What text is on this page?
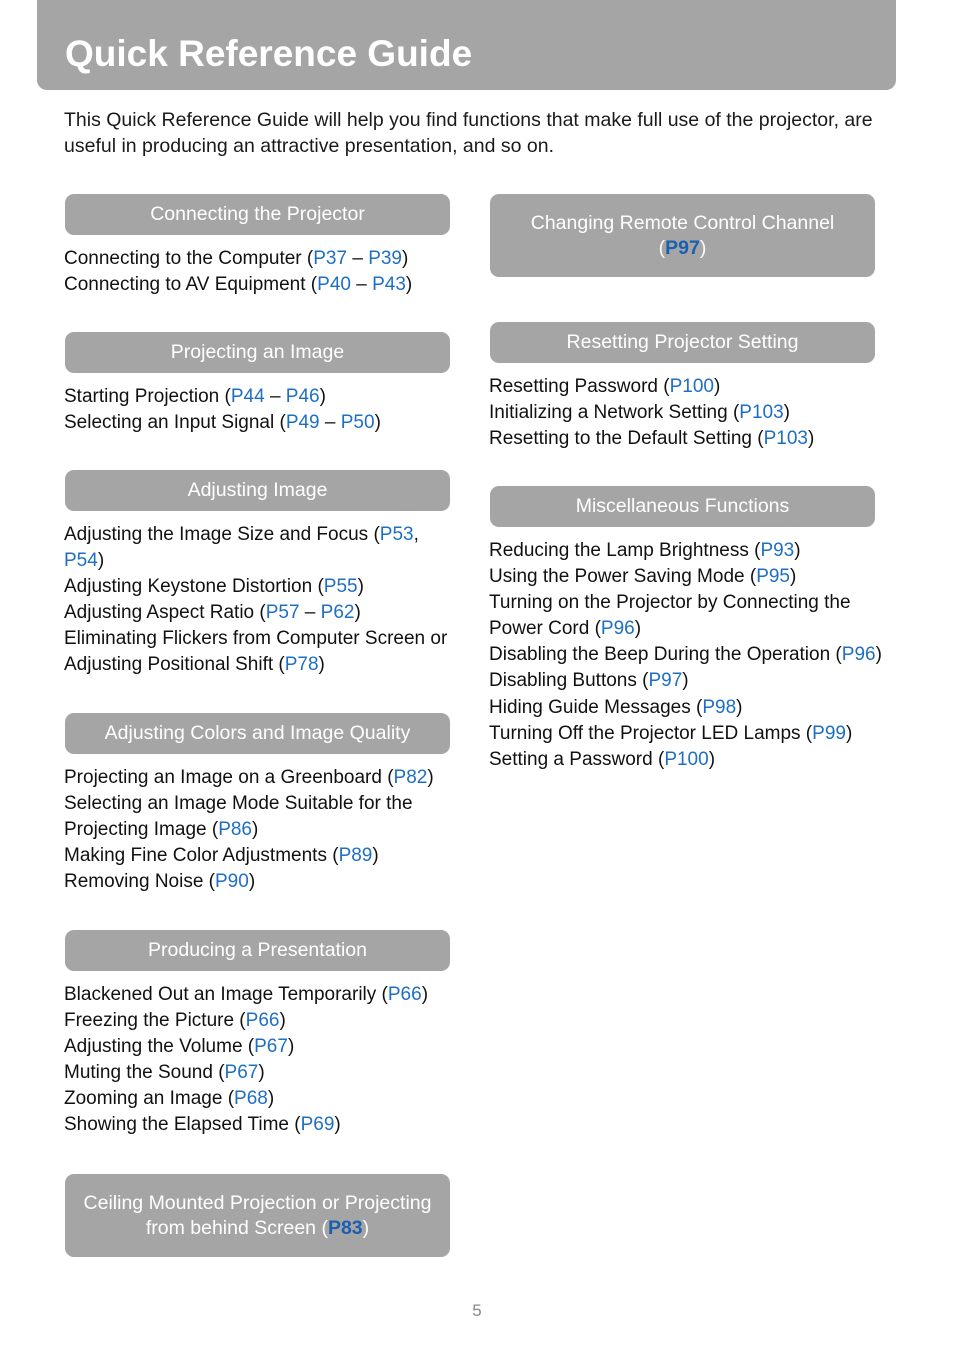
Quick Reference Guide
This Quick Reference Guide will help you find functions that make full use of the projector, are useful in producing an attractive presentation, and so on.
Connecting the Projector
Connecting to the Computer (P37 – P39)
Connecting to AV Equipment (P40 – P43)
Projecting an Image
Starting Projection (P44 – P46)
Selecting an Input Signal (P49 – P50)
Adjusting Image
Adjusting the Image Size and Focus (P53,
P54)
Adjusting Keystone Distortion (P55)
Adjusting Aspect Ratio (P57 – P62)
Eliminating Flickers from Computer Screen or
Adjusting Positional Shift (P78)
Adjusting Colors and Image Quality
Projecting an Image on a Greenboard (P82)
Selecting an Image Mode Suitable for the
Projecting Image (P86)
Making Fine Color Adjustments (P89)
Removing Noise (P90)
Producing a Presentation
Blackened Out an Image Temporarily (P66)
Freezing the Picture (P66)
Adjusting the Volume (P67)
Muting the Sound (P67)
Zooming an Image (P68)
Showing the Elapsed Time (P69)
Ceiling Mounted Projection or Projecting
from behind Screen (P83)
Changing Remote Control Channel
(P97)
Resetting Projector Setting
Resetting Password (P100)
Initializing a Network Setting (P103)
Resetting to the Default Setting (P103)
Miscellaneous Functions
Reducing the Lamp Brightness (P93)
Using the Power Saving Mode (P95)
Turning on the Projector by Connecting the
Power Cord (P96)
Disabling the Beep During the Operation (P96)
Disabling Buttons (P97)
Hiding Guide Messages (P98)
Turning Off the Projector LED Lamps (P99)
Setting a Password (P100)
5
